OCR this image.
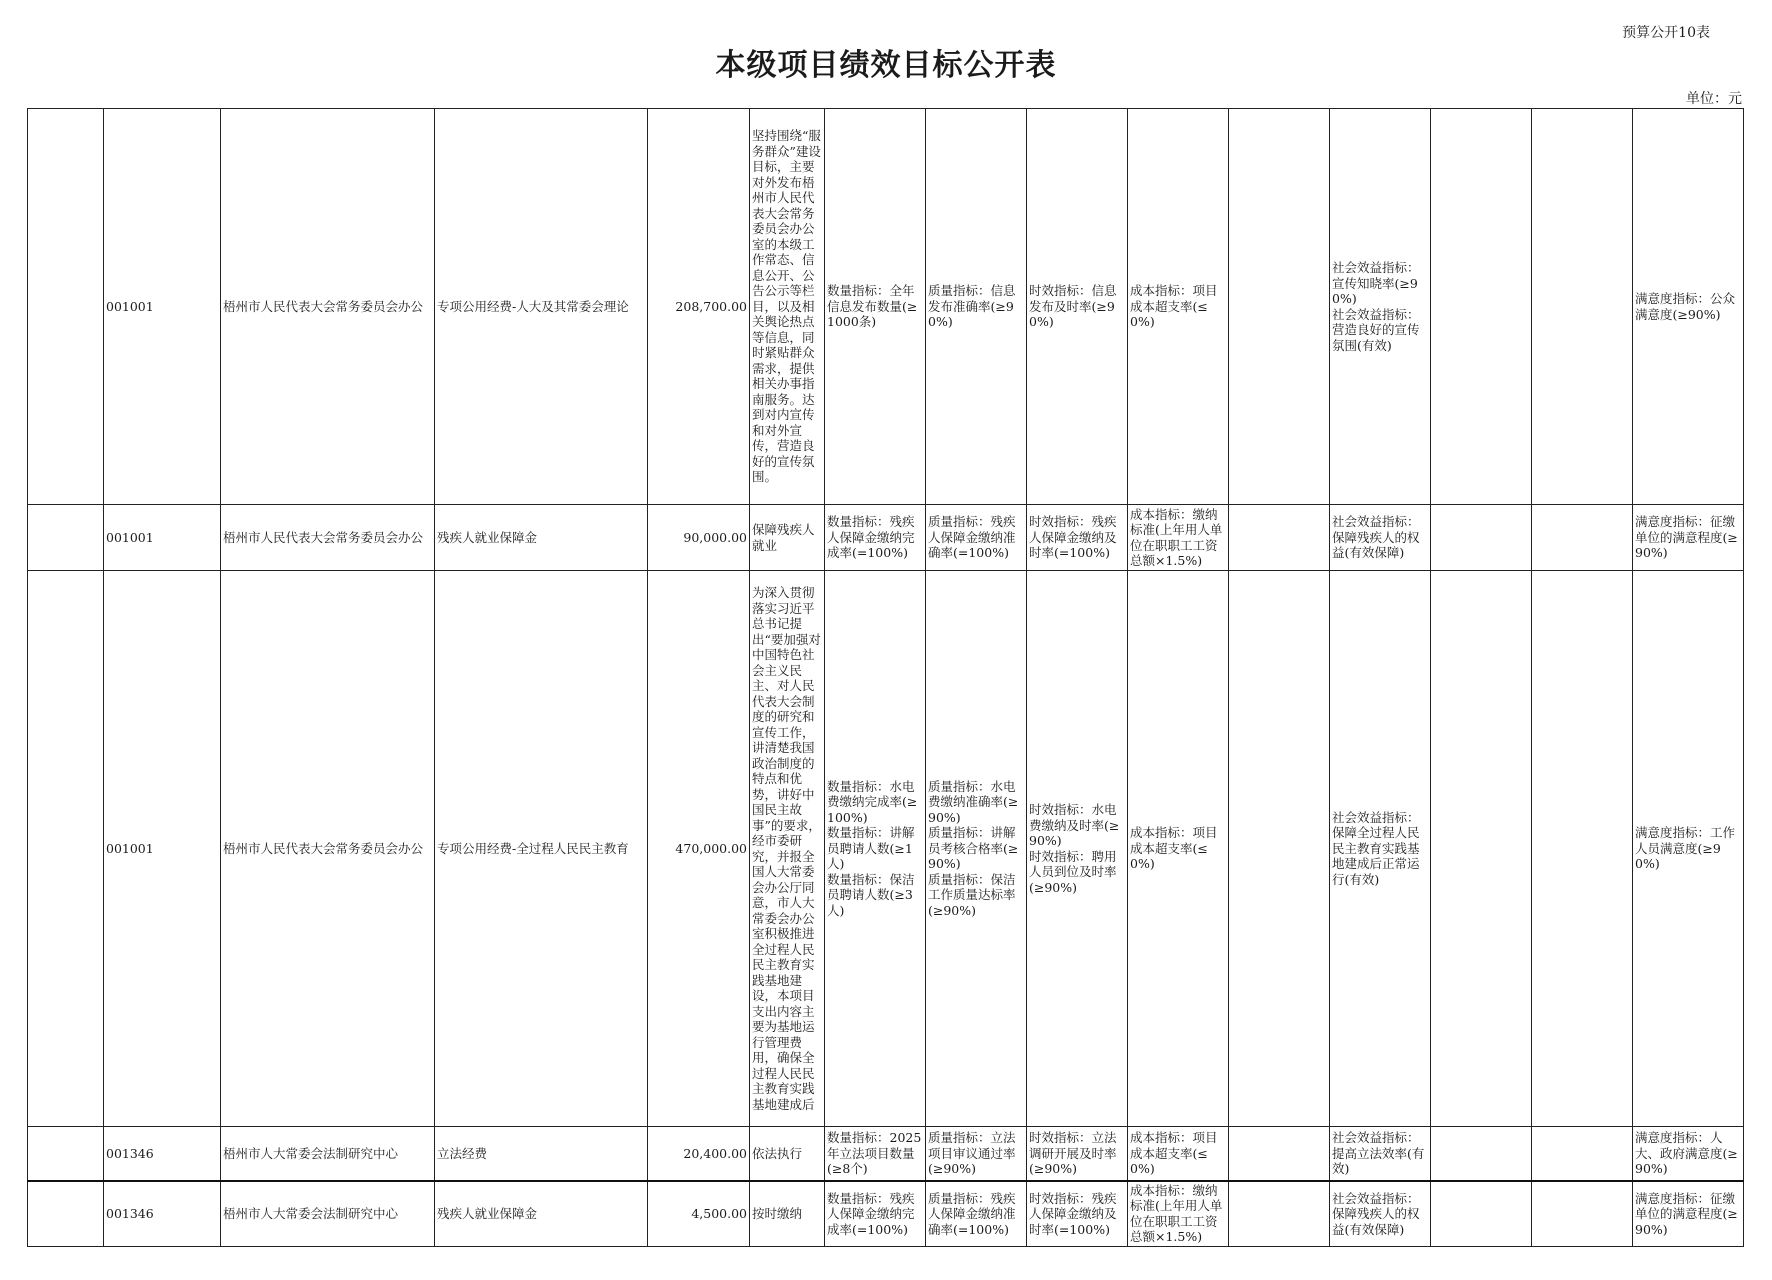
预算公开10表
本级项目绩效目标公开表
单位：元
	001001	梧州市人民代表大会常务委员会办公	专项公用经费-人大及其常委会理论	208,700.00	坚持围绕“服务群众”建设目标，主要对外发布梧州市人民代表大会常务委员会办公室的本级工作常态、信息公开、公告公示等栏目，以及相关舆论热点等信息，同时紧贴群众需求，提供相关办事指南服务。达到对内宣传和对外宣传，营造良好的宣传氛围。	数量指标：全年信息发布数量(≥1000条)	质量指标：信息发布准确率(≥90%)	时效指标：信息发布及时率(≥90%)	成本指标：项目成本超支率(≤0%)		社会效益指标：宣传知晓率(≥90%)
社会效益指标：营造良好的宣传氛围(有效)			满意度指标：公众满意度(≥90%)
	001001	梧州市人民代表大会常务委员会办公	残疾人就业保障金	90,000.00	保障残疾人就业	数量指标：残疾人保障金缴纳完成率(=100%)	质量指标：残疾人保障金缴纳准确率(=100%)	时效指标：残疾人保障金缴纳及时率(=100%)	成本指标：缴纳标准(上年用人单位在职职工工资总额×1.5%)		社会效益指标：保障残疾人的权益(有效保障)			满意度指标：征缴单位的满意程度(≥90%)
	001001	梧州市人民代表大会常务委员会办公	专项公用经费-全过程人民民主教育	470,000.00	为深入贯彻落实习近平总书记提出“要加强对中国特色社会主义民主、对人民代表大会制度的研究和宣传工作，讲清楚我国政治制度的特点和优势，讲好中国民主故事”的要求，经市委研究，并报全国人大常委会办公厅同意，市人大常委会办公室积极推进全过程人民民主教育实践基地建设，本项目支出内容主要为基地运行管理费用，确保全过程人民民主教育实践基地建成后	数量指标：水电费缴纳完成率(≥100%)
数量指标：讲解员聘请人数(≥1人)
数量指标：保洁员聘请人数(≥3人)	质量指标：水电费缴纳准确率(≥90%)
质量指标：讲解员考核合格率(≥90%)
质量指标：保洁工作质量达标率(≥90%)	时效指标：水电费缴纳及时率(≥90%)
时效指标：聘用人员到位及时率(≥90%)	成本指标：项目成本超支率(≤0%)		社会效益指标：保障全过程人民民主教育实践基地建成后正常运行(有效)			满意度指标：工作人员满意度(≥90%)
	001346	梧州市人大常委会法制研究中心	立法经费	20,400.00	依法执行	数量指标：2025年立法项目数量(≥8个)	质量指标：立法项目审议通过率(≥90%)	时效指标：立法调研开展及时率(≥90%)	成本指标：项目成本超支率(≤0%)		社会效益指标：提高立法效率(有效)			满意度指标：人大、政府满意度(≥90%)
	001346	梧州市人大常委会法制研究中心	残疾人就业保障金	4,500.00	按时缴纳	数量指标：残疾人保障金缴纳完成率(=100%)	质量指标：残疾人保障金缴纳准确率(=100%)	时效指标：残疾人保障金缴纳及时率(=100%)	成本指标：缴纳标准(上年用人单位在职职工工资总额×1.5%)		社会效益指标：保障残疾人的权益(有效保障)			满意度指标：征缴单位的满意程度(≥90%)
